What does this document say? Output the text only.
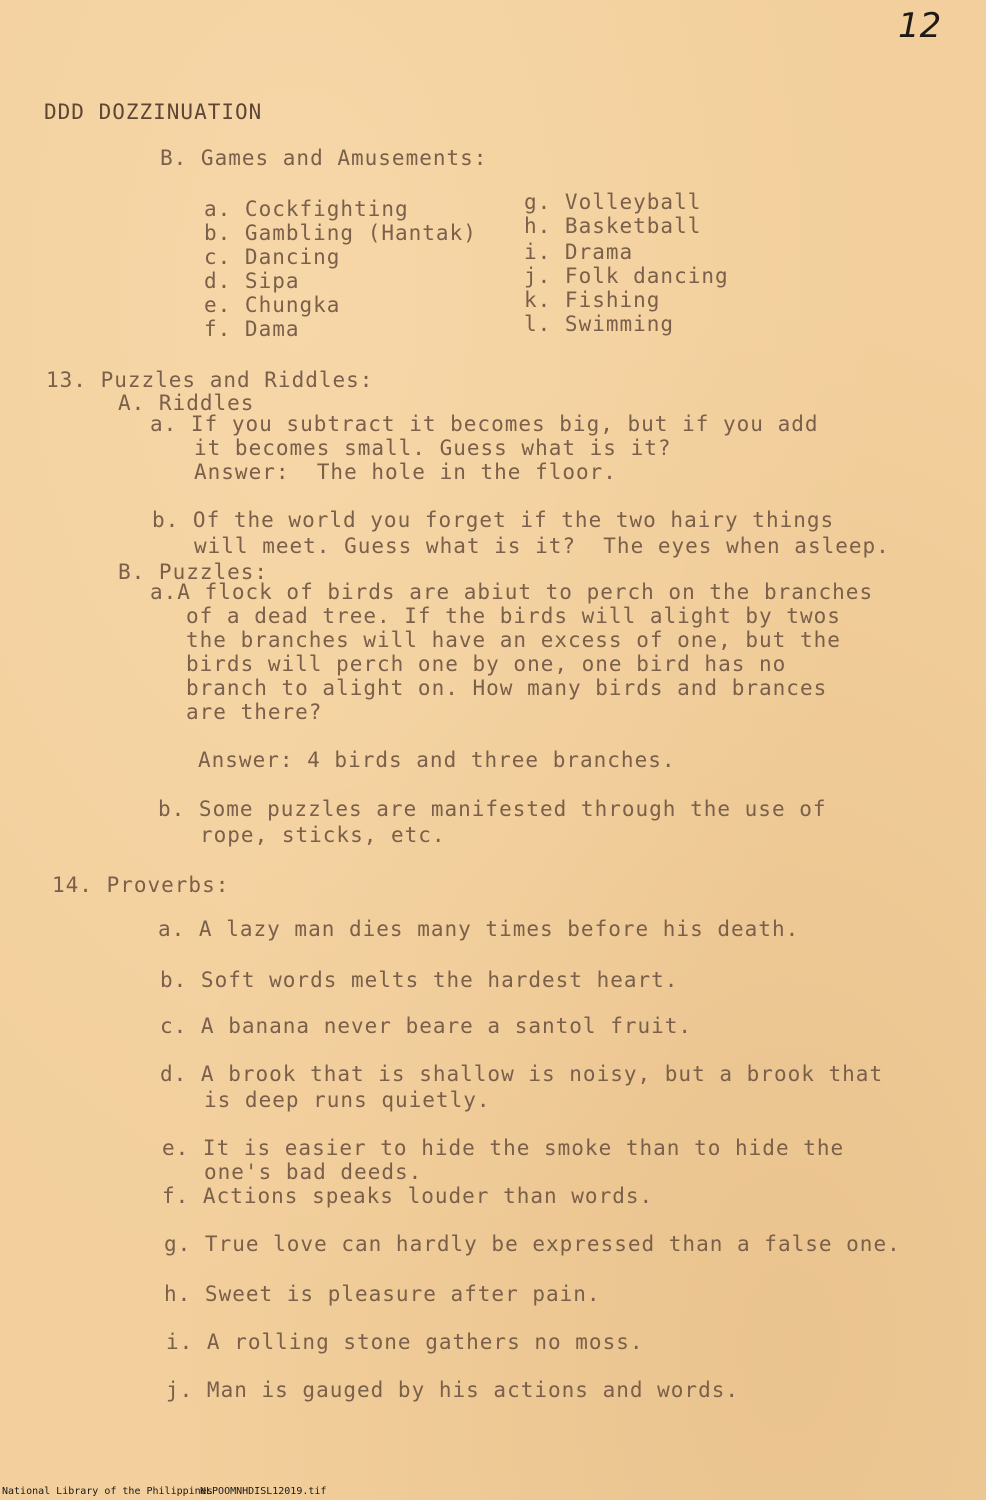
12
DDD DOZZINUATION
B. Games and Amusements:
a. Cockfighting
b. Gambling (Hantak)
c. Dancing
d. Sipa
e. Chungka
f. Dama
g. Volleyball
h. Basketball
i. Drama
j. Folk dancing
k. Fishing
l. Swimming
13. Puzzles and Riddles:
A. Riddles
a. If you subtract it becomes big, but if you add
it becomes small. Guess what is it?
Answer:  The hole in the floor.
b. Of the world you forget if the two hairy things
will meet. Guess what is it?  The eyes when asleep.
B. Puzzles:
a.A flock of birds are abiut to perch on the branches
of a dead tree. If the birds will alight by twos
the branches will have an excess of one, but the
birds will perch one by one, one bird has no
branch to alight on. How many birds and brances
are there?
Answer: 4 birds and three branches.
b. Some puzzles are manifested through the use of
rope, sticks, etc.
14. Proverbs:
a. A lazy man dies many times before his death.
b. Soft words melts the hardest heart.
c. A banana never beare a santol fruit.
d. A brook that is shallow is noisy, but a brook that
is deep runs quietly.
e. It is easier to hide the smoke than to hide the
one's bad deeds.
f. Actions speaks louder than words.
g. True love can hardly be expressed than a false one.
h. Sweet is pleasure after pain.
i. A rolling stone gathers no moss.
j. Man is gauged by his actions and words.
National Library of the Philippines
NLPOOMNHDISL12019.tif
